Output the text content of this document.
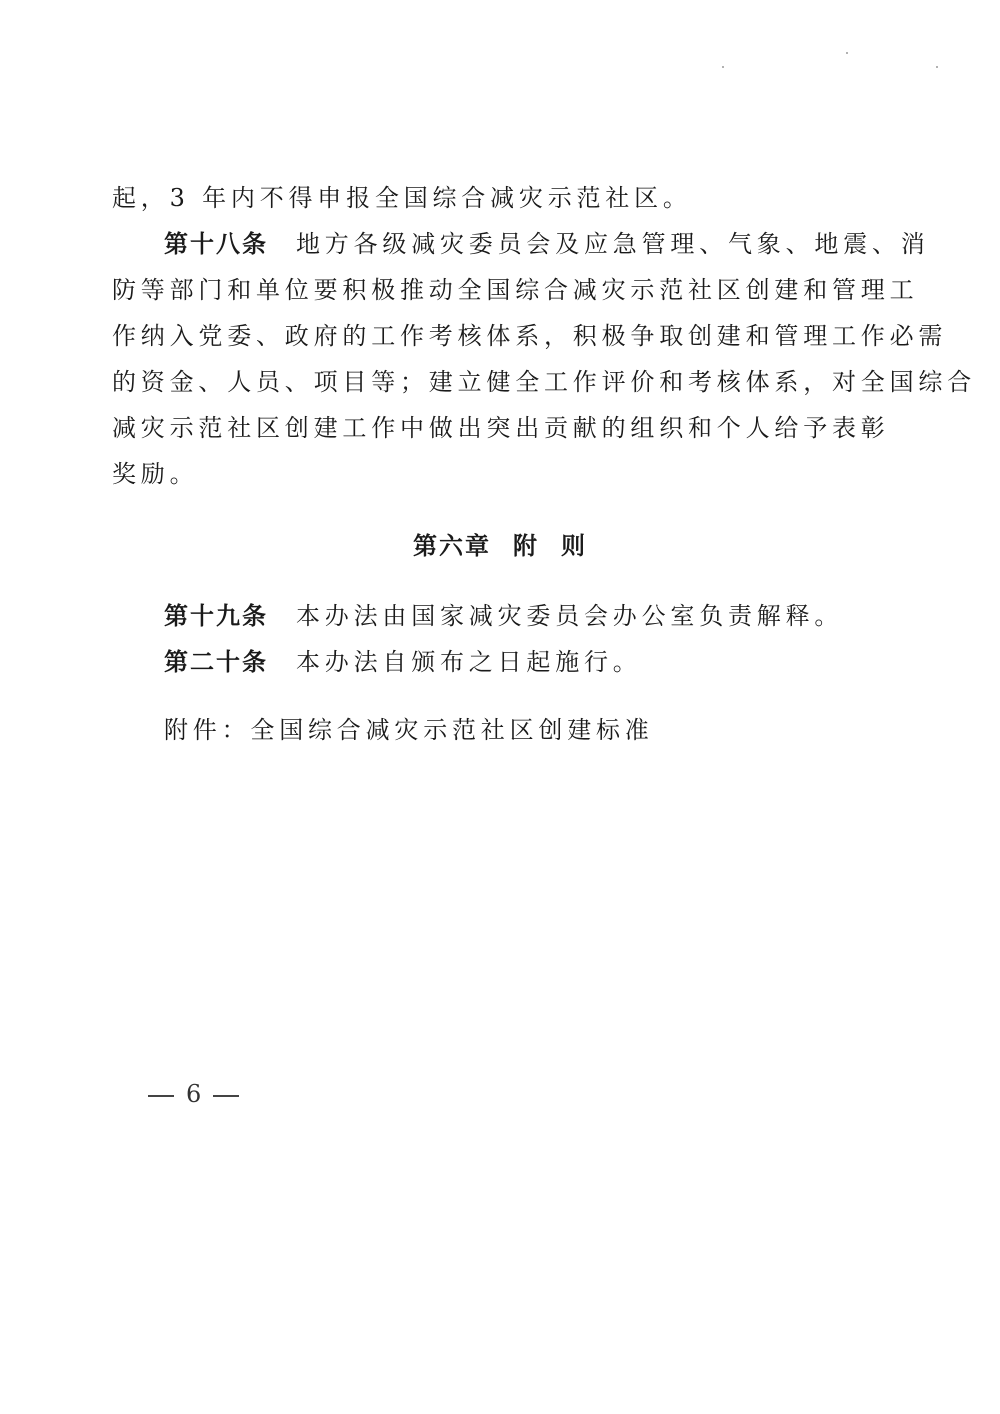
起，3 年内不得申报全国综合减灾示范社区。
第十八条 地方各级减灾委员会及应急管理、气象、地震、消
防等部门和单位要积极推动全国综合减灾示范社区创建和管理工
作纳入党委、政府的工作考核体系，积极争取创建和管理工作必需
的资金、人员、项目等；建立健全工作评价和考核体系，对全国综合
减灾示范社区创建工作中做出突出贡献的组织和个人给予表彰
奖励。
第六章 附 则
第十九条 本办法由国家减灾委员会办公室负责解释。
第二十条 本办法自颁布之日起施行。
附件：全国综合减灾示范社区创建标准
6
